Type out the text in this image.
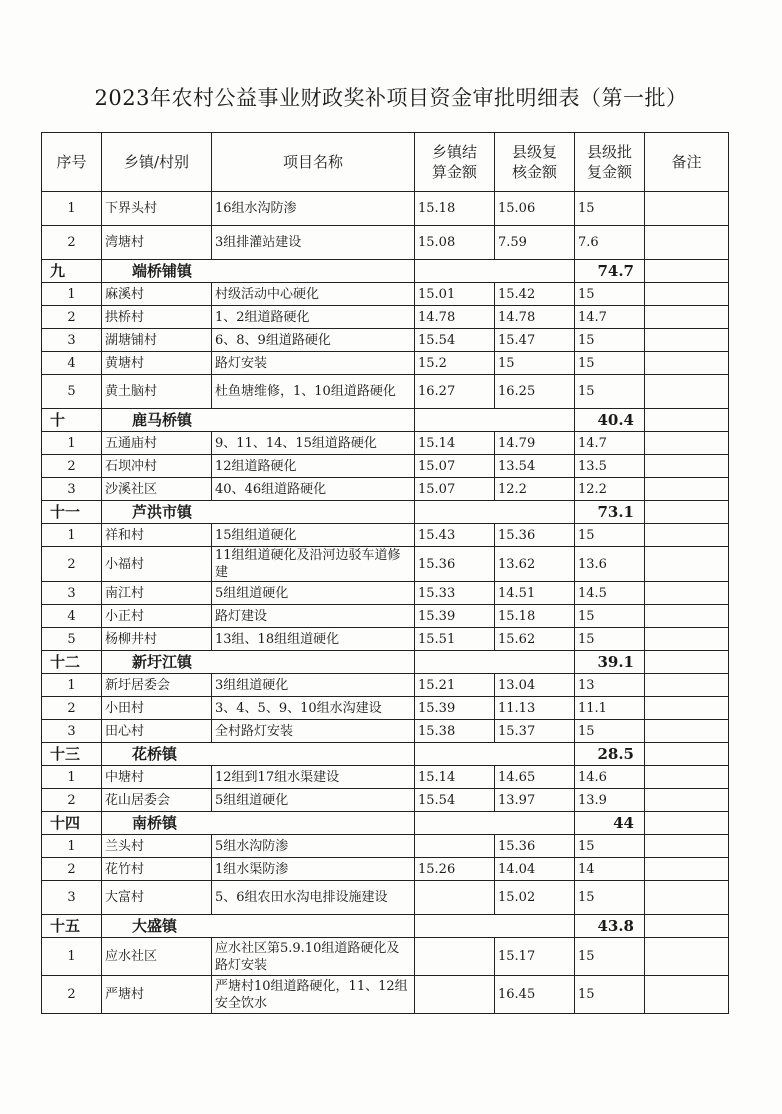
2023年农村公益事业财政奖补项目资金审批明细表（第一批）
序号	乡镇/村别	项目名称	乡镇结算金额	县级复核金额	县级批复金额	备注
1	下界头村	16组水沟防渗	15.18	15.06	15	
2	湾塘村	3组排灌站建设	15.08	7.59	7.6	
九	端桥铺镇				74.7	
1	麻溪村	村级活动中心硬化	15.01	15.42	15	
2	拱桥村	1、2组道路硬化	14.78	14.78	14.7	
3	湖塘铺村	6、8、9组道路硬化	15.54	15.47	15	
4	黄塘村	路灯安装	15.2	15	15	
5	黄土脑村	杜鱼塘维修，1、10组道路硬化	16.27	16.25	15	
十	鹿马桥镇				40.4	
1	五通庙村	9、11、14、15组道路硬化	15.14	14.79	14.7	
2	石坝冲村	12组道路硬化	15.07	13.54	13.5	
3	沙溪社区	40、46组道路硬化	15.07	12.2	12.2	
十一	芦洪市镇				73.1	
1	祥和村	15组组道硬化	15.43	15.36	15	
2	小福村	11组组道硬化及沿河边驳车道修建	15.36	13.62	13.6	
3	南江村	5组组道硬化	15.33	14.51	14.5	
4	小正村	路灯建设	15.39	15.18	15	
5	杨柳井村	13组、18组组道硬化	15.51	15.62	15	
十二	新圩江镇				39.1	
1	新圩居委会	3组组道硬化	15.21	13.04	13	
2	小田村	3、4、5、9、10组水沟建设	15.39	11.13	11.1	
3	田心村	全村路灯安装	15.38	15.37	15	
十三	花桥镇				28.5	
1	中塘村	12组到17组水渠建设	15.14	14.65	14.6	
2	花山居委会	5组组道硬化	15.54	13.97	13.9	
十四	南桥镇				44	
1	兰头村	5组水沟防渗		15.36	15	
2	花竹村	1组水渠防渗	15.26	14.04	14	
3	大富村	5、6组农田水沟电排设施建设		15.02	15	
十五	大盛镇				43.8	
1	应水社区	应水社区第5.9.10组道路硬化及路灯安装		15.17	15	
2	严塘村	严塘村10组道路硬化，11、12组安全饮水		16.45	15	
